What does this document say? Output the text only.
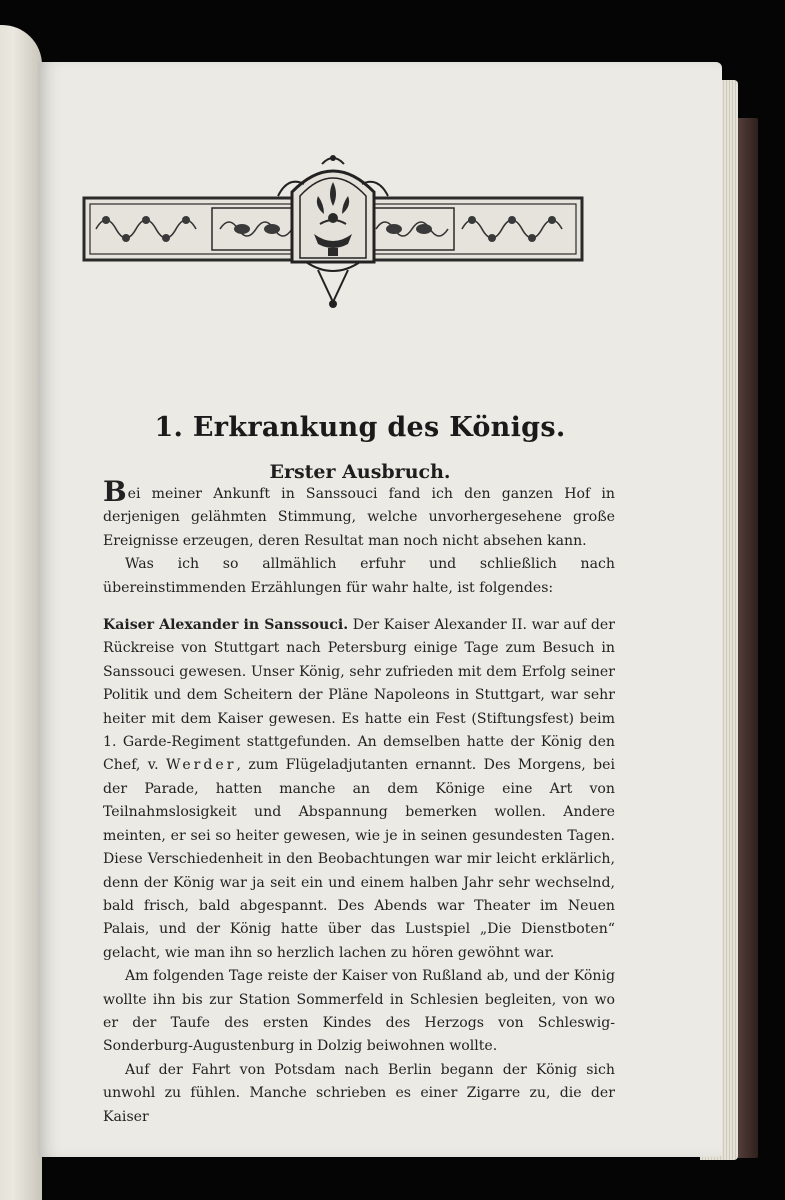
1. Erkrankung des Königs.
Erster Ausbruch.

Bei meiner Ankunft in Sanssouci fand ich den ganzen Hof in derjenigen gelähmten Stimmung, welche unvorhergesehene große Ereignisse erzeugen, deren Resultat man noch nicht absehen kann.

Was ich so allmählich erfuhr und schließlich nach übereinstimmenden Erzählungen für wahr halte, ist folgendes:

Kaiser Alexander in Sanssouci. Der Kaiser Alexander II. war auf der Rückreise von Stuttgart nach Petersburg einige Tage zum Besuch in Sanssouci gewesen. Unser König, sehr zufrieden mit dem Erfolg seiner Politik und dem Scheitern der Pläne Napoleons in Stuttgart, war sehr heiter mit dem Kaiser gewesen. Es hatte ein Fest (Stiftungsfest) beim 1. Garde-Regiment stattgefunden. An demselben hatte der König den Chef, v. Werder, zum Flügeladjutanten ernannt. Des Morgens, bei der Parade, hatten manche an dem Könige eine Art von Teilnahmslosigkeit und Abspannung bemerken wollen. Andere meinten, er sei so heiter gewesen, wie je in seinen gesundesten Tagen. Diese Verschiedenheit in den Beobachtungen war mir leicht erklärlich, denn der König war ja seit ein und einem halben Jahr sehr wechselnd, bald frisch, bald abgespannt. Des Abends war Theater im Neuen Palais, und der König hatte über das Lustspiel „Die Dienstboten“ gelacht, wie man ihn so herzlich lachen zu hören gewöhnt war.

Am folgenden Tage reiste der Kaiser von Rußland ab, und der König wollte ihn bis zur Station Sommerfeld in Schlesien begleiten, von wo er der Taufe des ersten Kindes des Herzogs von Schleswig-Sonderburg-Augustenburg in Dolzig beiwohnen wollte.

Auf der Fahrt von Potsdam nach Berlin begann der König sich unwohl zu fühlen. Manche schrieben es einer Zigarre zu, die der Kaiser
